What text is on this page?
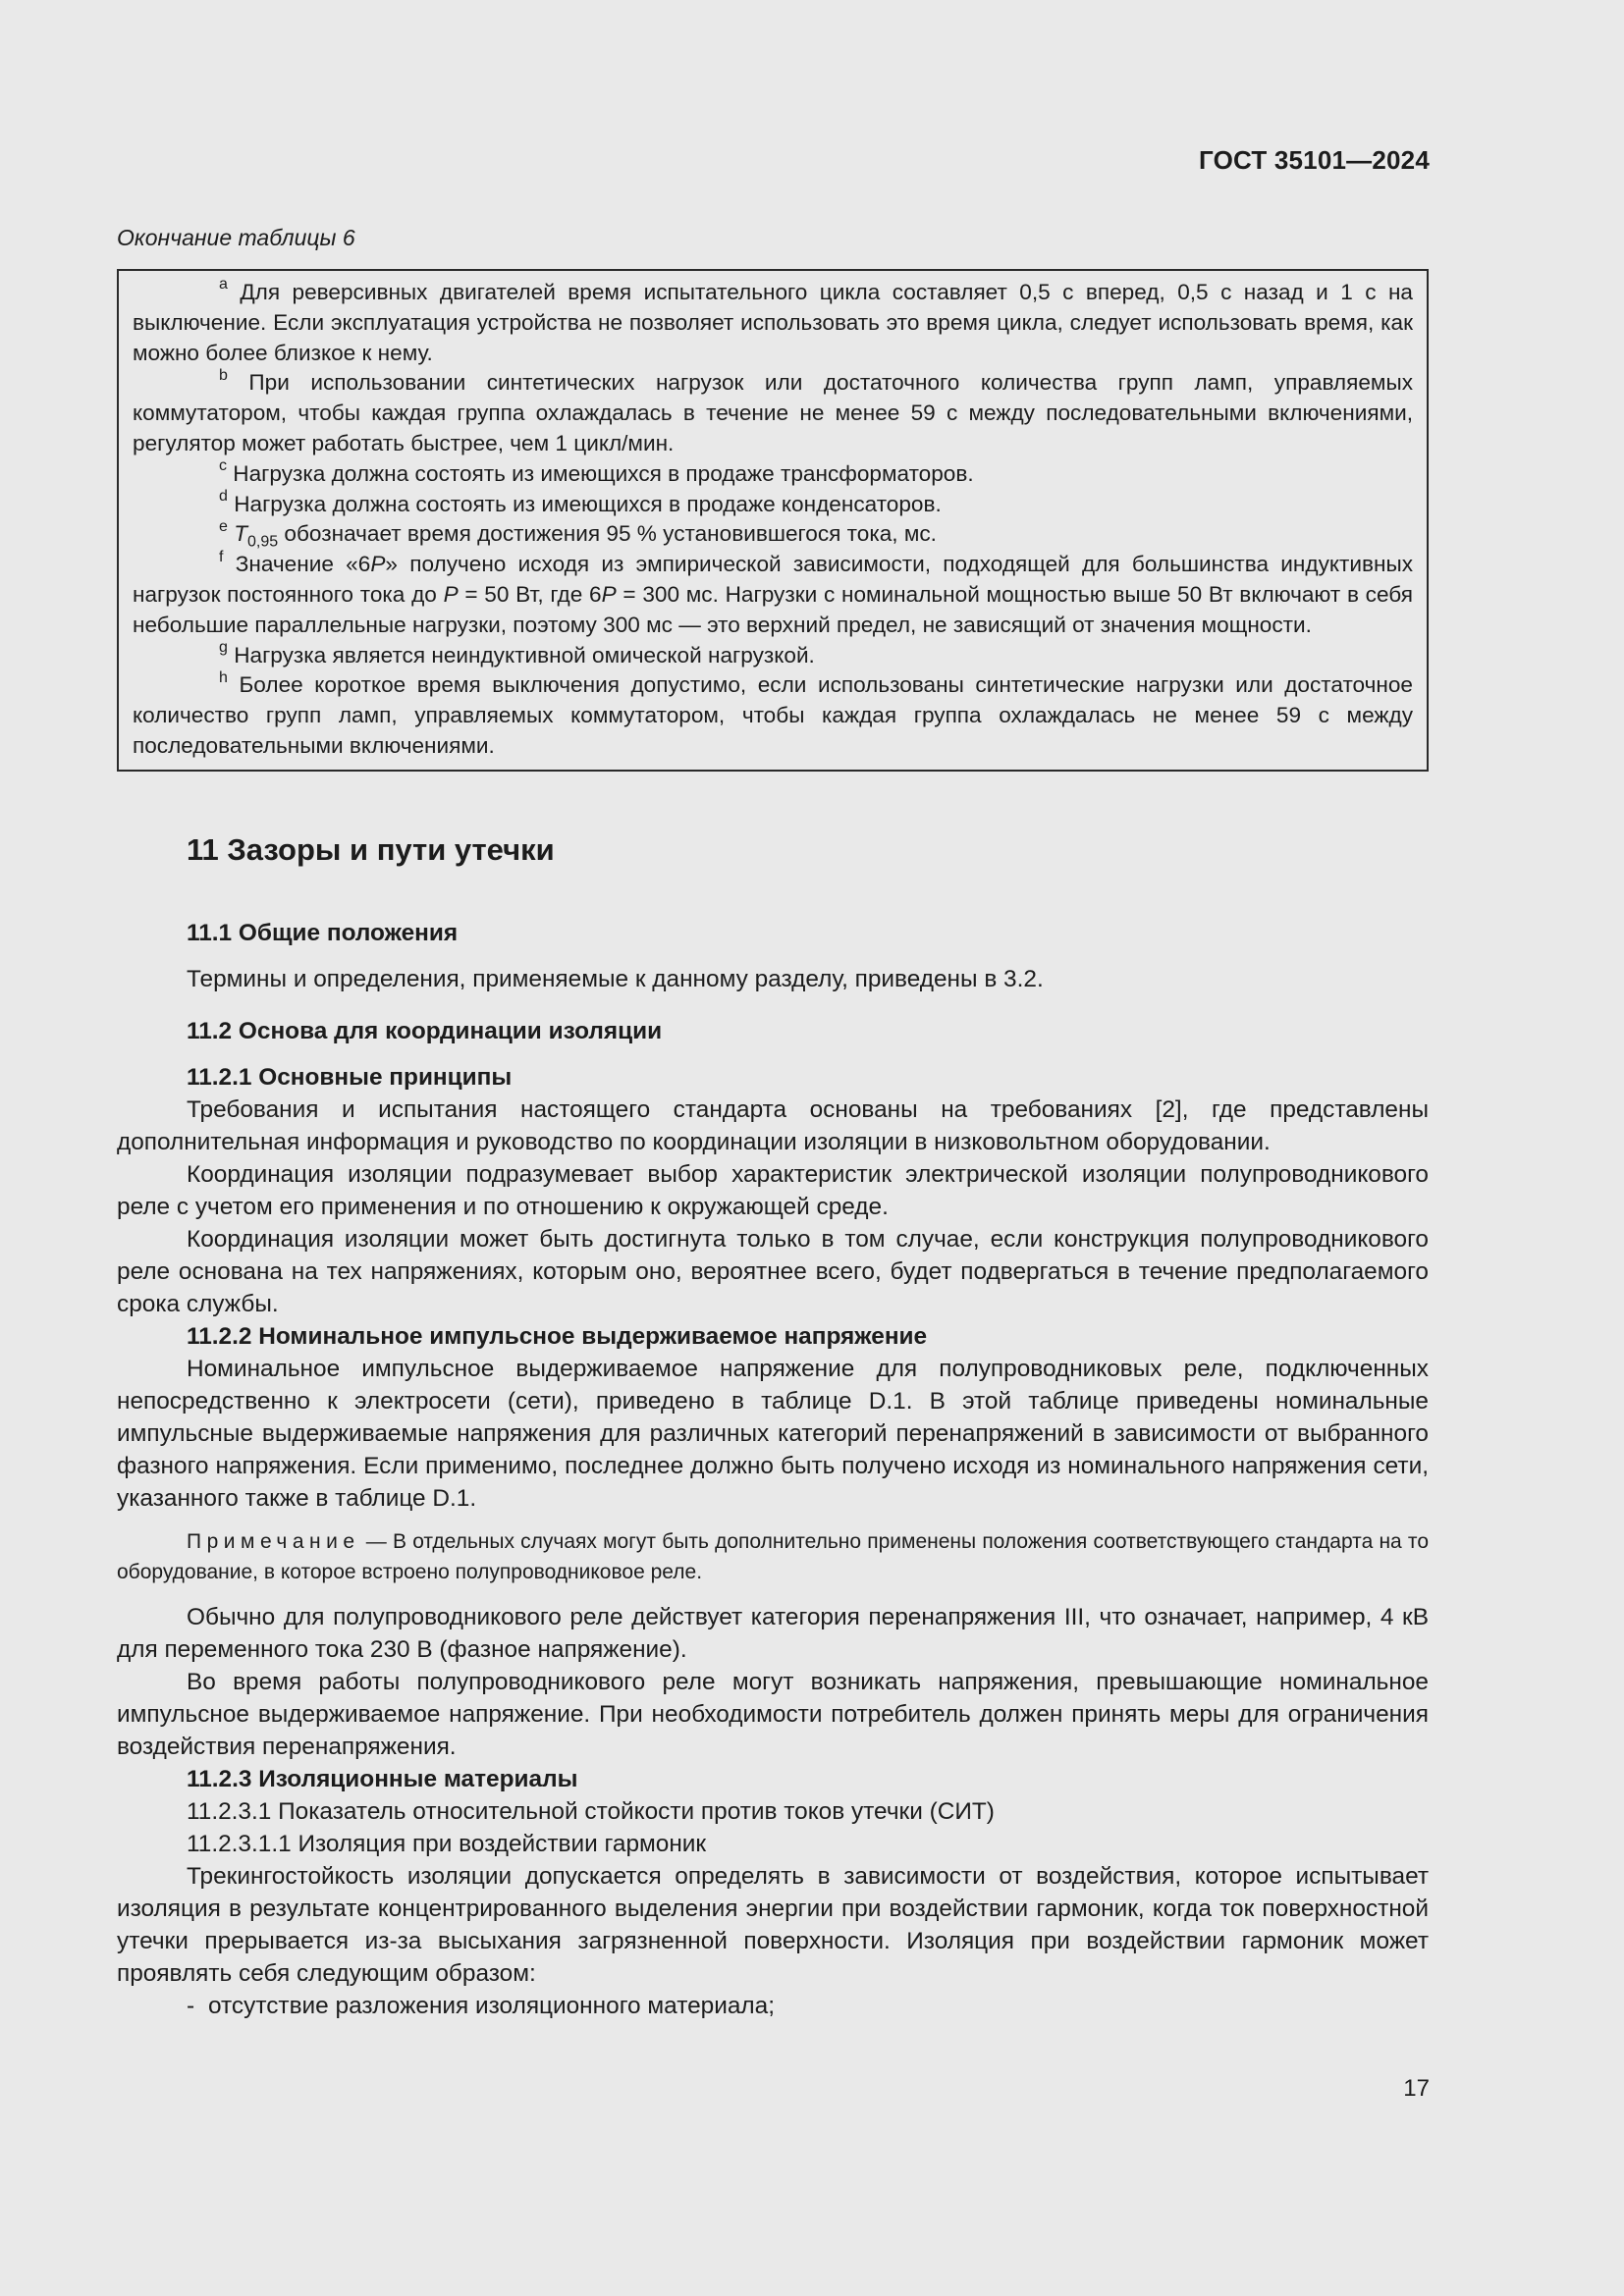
ГОСТ 35101—2024
Окончание таблицы 6

$^a$ Для реверсивных двигателей время испытательного цикла составляет 0,5 с вперед, 0,5 с назад и 1 с на выключение. Если эксплуатация устройства не позволяет использовать это время цикла, следует использовать время, как можно более близкое к нему.

$^b$ При использовании синтетических нагрузок или достаточного количества групп ламп, управляемых коммутатором, чтобы каждая группа охлаждалась в течение не менее 59 с между последовательными включениями, регулятор может работать быстрее, чем 1 цикл/мин.

$^c$ Нагрузка должна состоять из имеющихся в продаже трансформаторов.

$^d$ Нагрузка должна состоять из имеющихся в продаже конденсаторов.

$^e$ $T_{0,95}$ обозначает время достижения 95 % установившегося тока, мс.

$^f$ Значение «6P» получено исходя из эмпирической зависимости, подходящей для большинства индуктивных нагрузок постоянного тока до P = 50 Вт, где 6P = 300 мс. Нагрузки с номинальной мощностью выше 50 Вт включают в себя небольшие параллельные нагрузки, поэтому 300 мс — это верхний предел, не зависящий от значения мощности.

$^g$ Нагрузка является неиндуктивной омической нагрузкой.

$^h$ Более короткое время выключения допустимо, если использованы синтетические нагрузки или достаточное количество групп ламп, управляемых коммутатором, чтобы каждая группа охлаждалась не менее 59 с между последовательными включениями.

11 Зазоры и пути утечки

11.1 Общие положения

Термины и определения, применяемые к данному разделу, приведены в 3.2.

11.2 Основа для координации изоляции

11.2.1 Основные принципы

Требования и испытания настоящего стандарта основаны на требованиях [2], где представлены дополнительная информация и руководство по координации изоляции в низковольтном оборудовании.

Координация изоляции подразумевает выбор характеристик электрической изоляции полупроводникового реле с учетом его применения и по отношению к окружающей среде.

Координация изоляции может быть достигнута только в том случае, если конструкция полупроводникового реле основана на тех напряжениях, которым оно, вероятнее всего, будет подвергаться в течение предполагаемого срока службы.

11.2.2 Номинальное импульсное выдерживаемое напряжение

Номинальное импульсное выдерживаемое напряжение для полупроводниковых реле, подключенных непосредственно к электросети (сети), приведено в таблице D.1. В этой таблице приведены номинальные импульсные выдерживаемые напряжения для различных категорий перенапряжений в зависимости от выбранного фазного напряжения. Если применимо, последнее должно быть получено исходя из номинального напряжения сети, указанного также в таблице D.1.

Примечание — В отдельных случаях могут быть дополнительно применены положения соответствующего стандарта на то оборудование, в которое встроено полупроводниковое реле.

Обычно для полупроводникового реле действует категория перенапряжения III, что означает, например, 4 кВ для переменного тока 230 В (фазное напряжение).

Во время работы полупроводникового реле могут возникать напряжения, превышающие номинальное импульсное выдерживаемое напряжение. При необходимости потребитель должен принять меры для ограничения воздействия перенапряжения.

11.2.3 Изоляционные материалы

11.2.3.1 Показатель относительной стойкости против токов утечки (СИТ)

11.2.3.1.1 Изоляция при воздействии гармоник

Трекингостойкость изоляции допускается определять в зависимости от воздействия, которое испытывает изоляция в результате концентрированного выделения энергии при воздействии гармоник, когда ток поверхностной утечки прерывается из-за высыхания загрязненной поверхности. Изоляция при воздействии гармоник может проявлять себя следующим образом:

- отсутствие разложения изоляционного материала;

17
